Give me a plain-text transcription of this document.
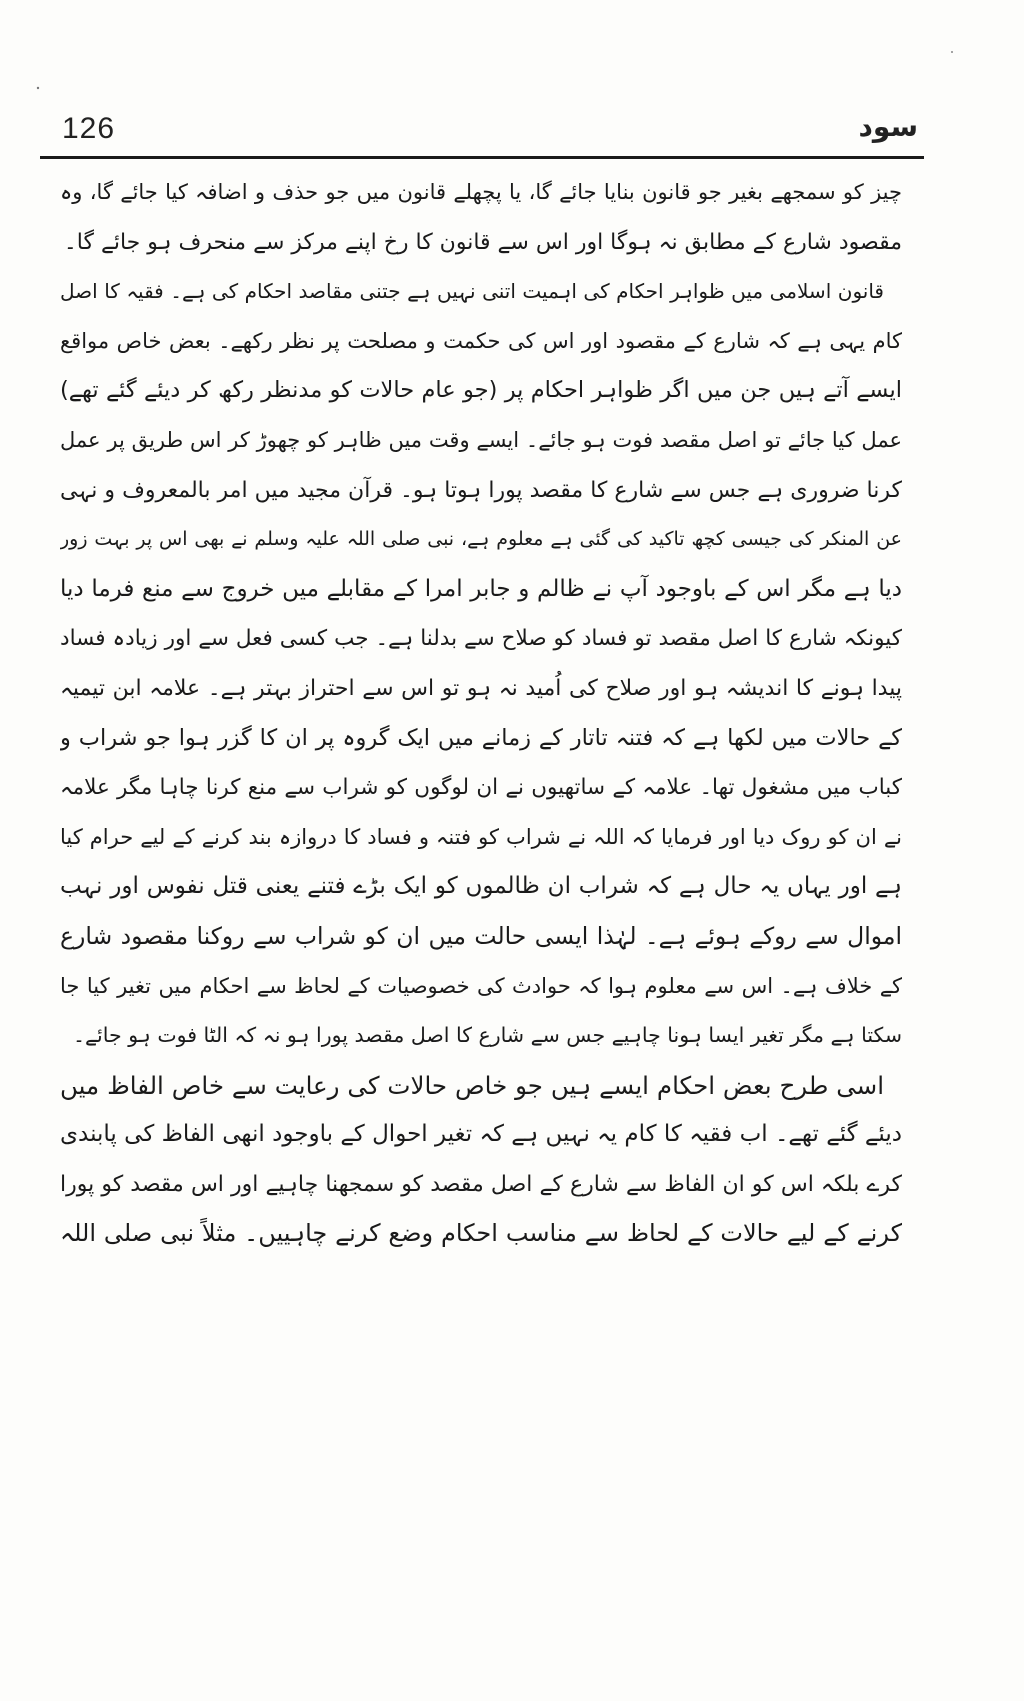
126	سود
چیز کو سمجھے بغیر جو قانون بنایا جائے گا، یا پچھلے قانون میں جو حذف و اضافہ کیا جائے گا، وہ
مقصود شارع کے مطابق نہ ہوگا اور اس سے قانون کا رخ اپنے مرکز سے منحرف ہو جائے گا۔
قانون اسلامی میں ظواہر احکام کی اہمیت اتنی نہیں ہے جتنی مقاصد احکام کی ہے۔ فقیہ کا اصل
کام یہی ہے کہ شارع کے مقصود اور اس کی حکمت و مصلحت پر نظر رکھے۔ بعض خاص مواقع
ایسے آتے ہیں جن میں اگر ظواہر احکام پر (جو عام حالات کو مدنظر رکھ کر دیئے گئے تھے)
عمل کیا جائے تو اصل مقصد فوت ہو جائے۔ ایسے وقت میں ظاہر کو چھوڑ کر اس طریق پر عمل
کرنا ضروری ہے جس سے شارع کا مقصد پورا ہوتا ہو۔ قرآن مجید میں امر بالمعروف و نہی
عن المنکر کی جیسی کچھ تاکید کی گئی ہے معلوم ہے، نبی صلی اللہ علیہ وسلم نے بھی اس پر بہت زور
دیا ہے مگر اس کے باوجود آپ نے ظالم و جابر امرا کے مقابلے میں خروج سے منع فرما دیا
کیونکہ شارع کا اصل مقصد تو فساد کو صلاح سے بدلنا ہے۔ جب کسی فعل سے اور زیادہ فساد
پیدا ہونے کا اندیشہ ہو اور صلاح کی اُمید نہ ہو تو اس سے احتراز بہتر ہے۔ علامہ ابن تیمیہ
کے حالات میں لکھا ہے کہ فتنہ تاتار کے زمانے میں ایک گروہ پر ان کا گزر ہوا جو شراب و
کباب میں مشغول تھا۔ علامہ کے ساتھیوں نے ان لوگوں کو شراب سے منع کرنا چاہا مگر علامہ
نے ان کو روک دیا اور فرمایا کہ اللہ نے شراب کو فتنہ و فساد کا دروازہ بند کرنے کے لیے حرام کیا
ہے اور یہاں یہ حال ہے کہ شراب ان ظالموں کو ایک بڑے فتنے یعنی قتل نفوس اور نہب
اموال سے روکے ہوئے ہے۔ لہٰذا ایسی حالت میں ان کو شراب سے روکنا مقصود شارع
کے خلاف ہے۔ اس سے معلوم ہوا کہ حوادث کی خصوصیات کے لحاظ سے احکام میں تغیر کیا جا
سکتا ہے مگر تغیر ایسا ہونا چاہیے جس سے شارع کا اصل مقصد پورا ہو نہ کہ الٹا فوت ہو جائے۔
اسی طرح بعض احکام ایسے ہیں جو خاص حالات کی رعایت سے خاص الفاظ میں
دیئے گئے تھے۔ اب فقیہ کا کام یہ نہیں ہے کہ تغیر احوال کے باوجود انھی الفاظ کی پابندی
کرے بلکہ اس کو ان الفاظ سے شارع کے اصل مقصد کو سمجھنا چاہیے اور اس مقصد کو پورا
کرنے کے لیے حالات کے لحاظ سے مناسب احکام وضع کرنے چاہییں۔ مثلاً نبی صلی اللہ
